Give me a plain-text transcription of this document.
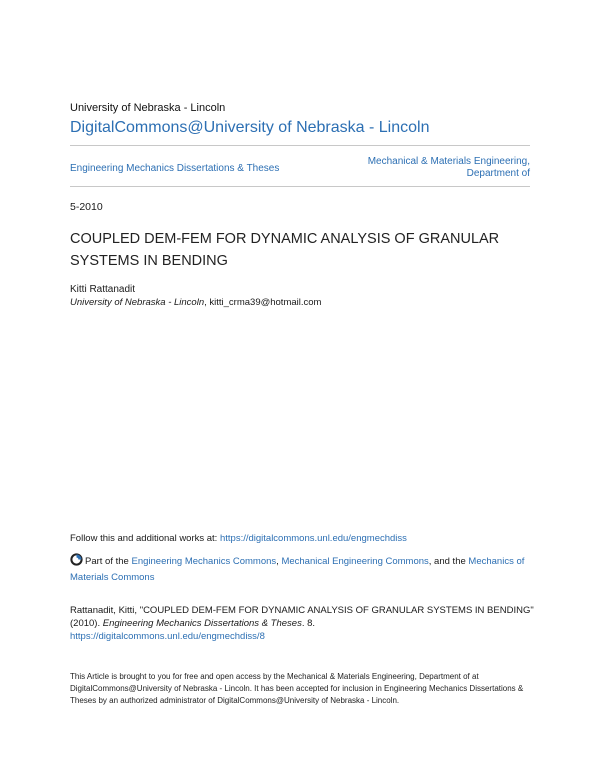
University of Nebraska - Lincoln
DigitalCommons@University of Nebraska - Lincoln
Engineering Mechanics Dissertations & Theses
Mechanical & Materials Engineering,
Department of
5-2010
COUPLED DEM-FEM FOR DYNAMIC ANALYSIS OF GRANULAR
SYSTEMS IN BENDING
Kitti Rattanadit
University of Nebraska - Lincoln, kitti_crma39@hotmail.com
Follow this and additional works at: https://digitalcommons.unl.edu/engmechdiss
Part of the Engineering Mechanics Commons, Mechanical Engineering Commons, and the Mechanics of Materials Commons
Rattanadit, Kitti, "COUPLED DEM-FEM FOR DYNAMIC ANALYSIS OF GRANULAR SYSTEMS IN BENDING" (2010). Engineering Mechanics Dissertations & Theses. 8.
https://digitalcommons.unl.edu/engmechdiss/8
This Article is brought to you for free and open access by the Mechanical & Materials Engineering, Department of at DigitalCommons@University of Nebraska - Lincoln. It has been accepted for inclusion in Engineering Mechanics Dissertations & Theses by an authorized administrator of DigitalCommons@University of Nebraska - Lincoln.
